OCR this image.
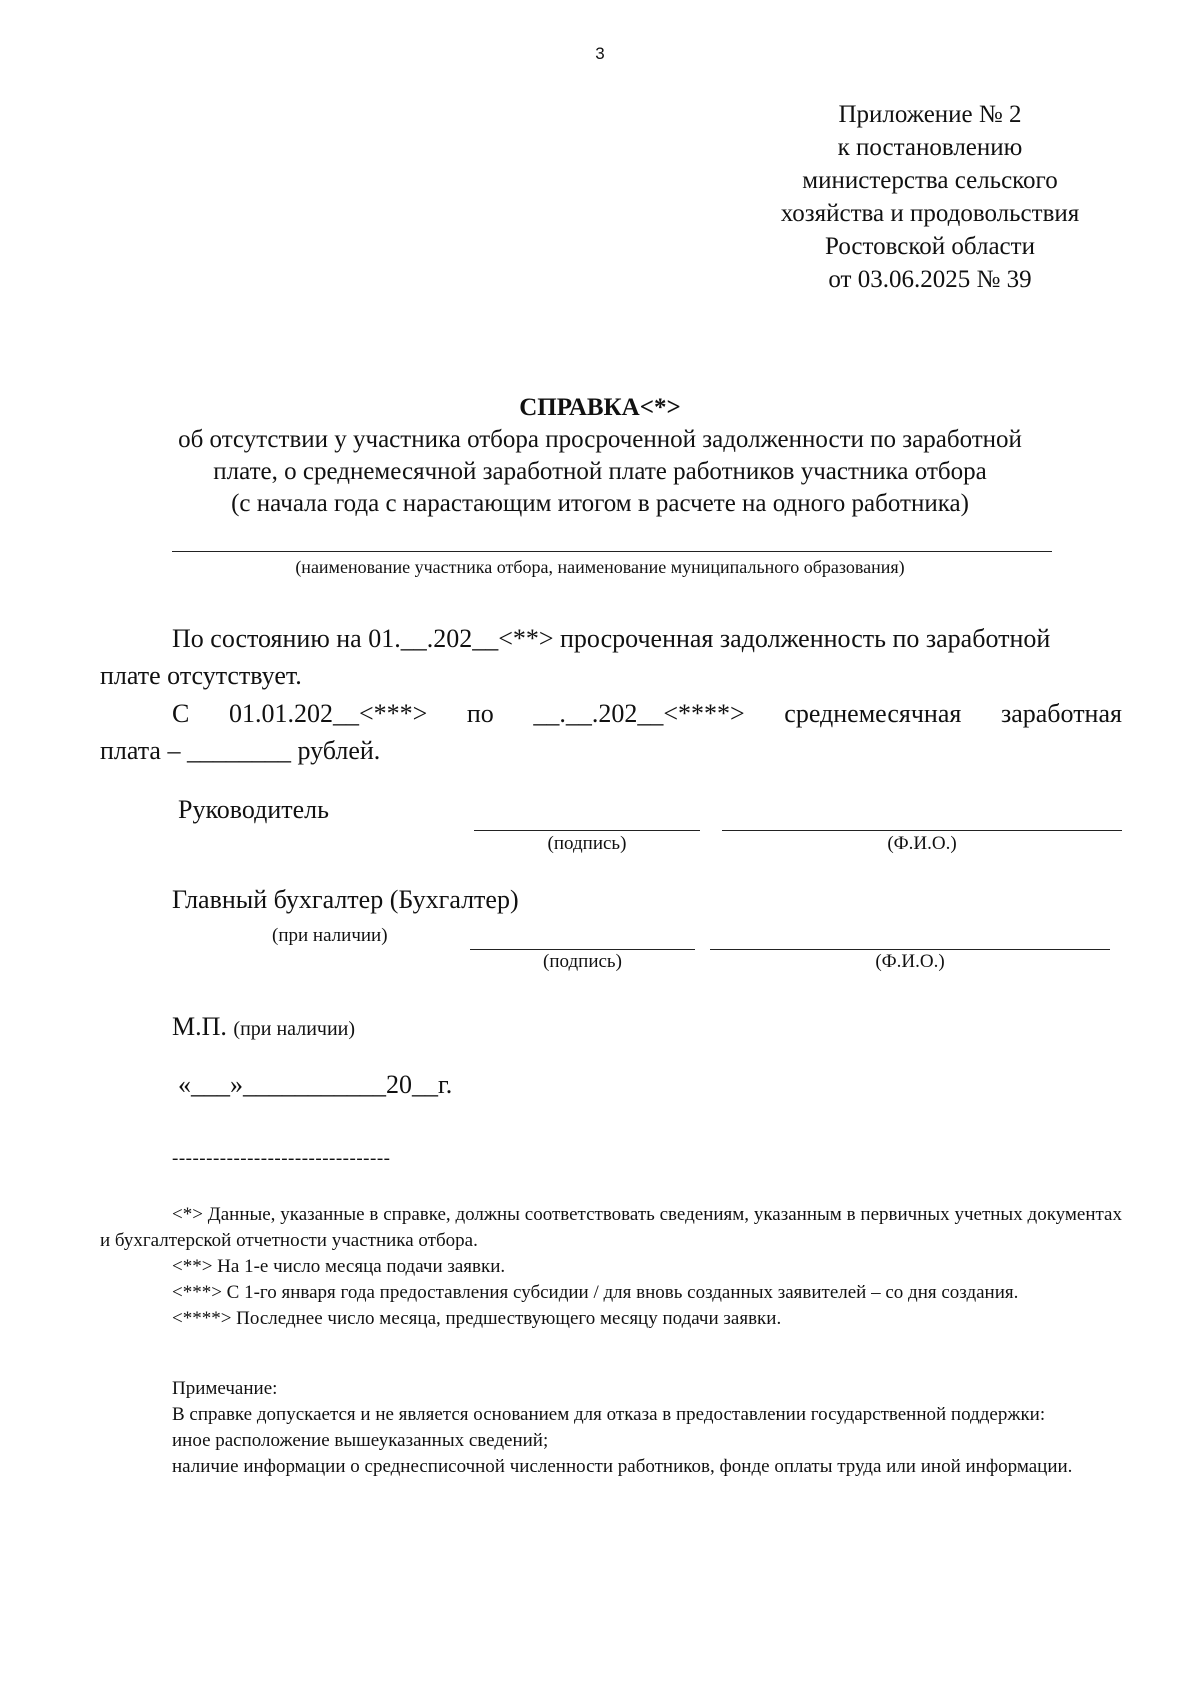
3
Приложение № 2
к постановлению
министерства сельского
хозяйства и продовольствия
Ростовской области
от 03.06.2025 № 39
СПРАВКА<*>
об отсутствии у участника отбора просроченной задолженности по заработной
плате, о среднемесячной заработной плате работников участника отбора
(с начала года с нарастающим итогом в расчете на одного работника)
(наименование участника отбора, наименование муниципального образования)
По состоянию на 01.__.202__<**> просроченная задолженность по заработной
плате отсутствует.
С 01.01.202__<***> по __.__.202__<****> среднемесячная заработная
плата – ________ рублей.
Руководитель
(подпись)	(Ф.И.О.)
Главный бухгалтер (Бухгалтер)
(при наличии)
(подпись)	(Ф.И.О.)
М.П. (при наличии)
«___»___________20__г.
--------------------------------

<*> Данные, указанные в справке, должны соответствовать сведениям, указанным в первичных учетных документах и бухгалтерской отчетности участника отбора.

<**> На 1-е число месяца подачи заявки.

<***> С 1-го января года предоставления субсидии / для вновь созданных заявителей – со дня создания.

<****> Последнее число месяца, предшествующего месяцу подачи заявки.

Примечание:

В справке допускается и не является основанием для отказа в предоставлении государственной поддержки:

иное расположение вышеуказанных сведений;

наличие информации о среднесписочной численности работников, фонде оплаты труда или иной информации.
